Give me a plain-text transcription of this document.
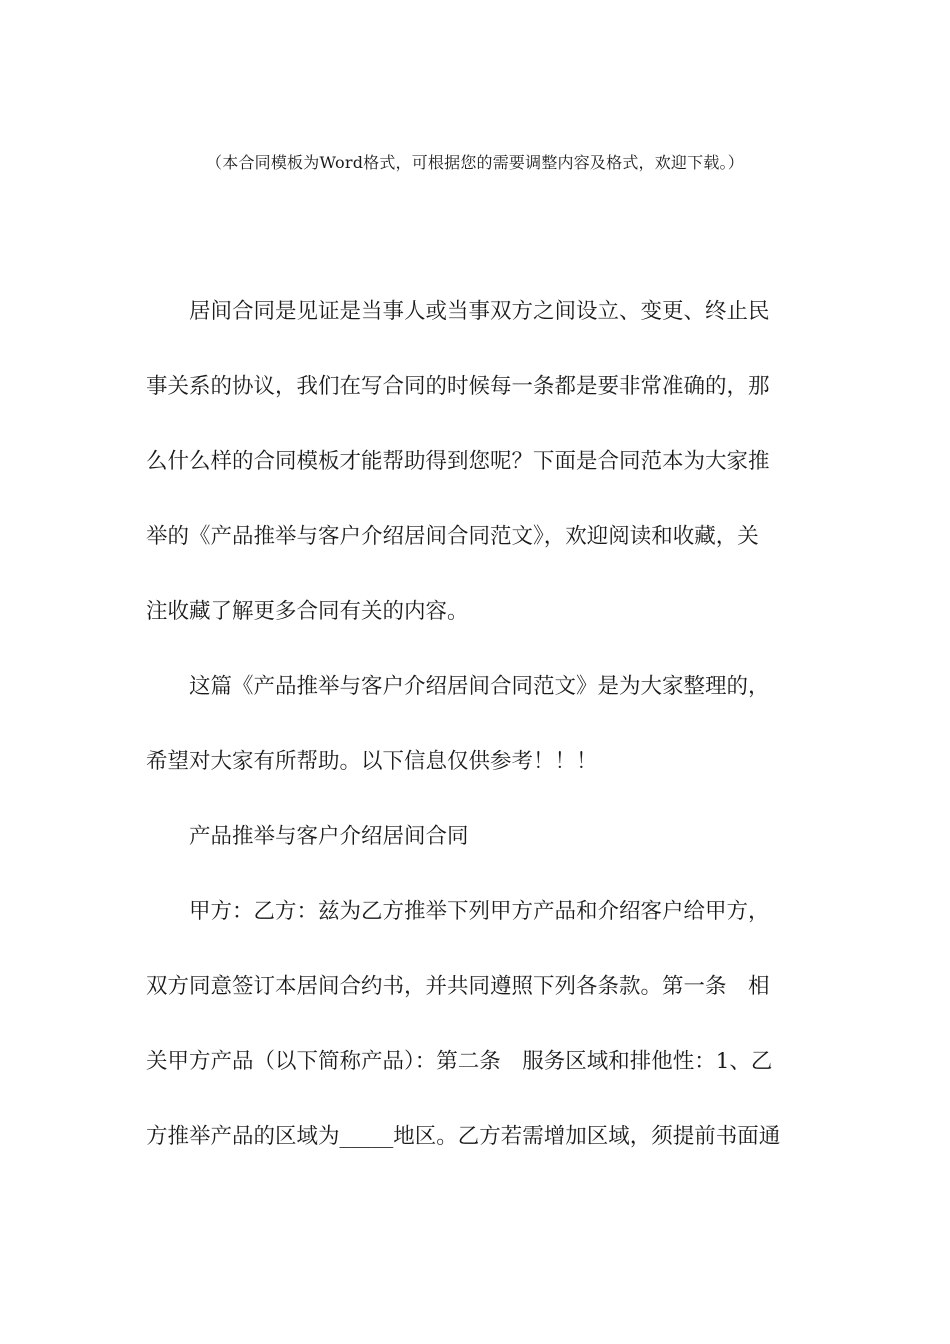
（本合同模板为Word格式，可根据您的需要调整内容及格式，欢迎下载。）
居间合同是见证是当事人或当事双方之间设立、变更、终止民
事关系的协议，我们在写合同的时候每一条都是要非常准确的，那
么什么样的合同模板才能帮助得到您呢？下面是合同范本为大家推
举的《产品推举与客户介绍居间合同范文》，欢迎阅读和收藏，关
注收藏了解更多合同有关的内容。
这篇《产品推举与客户介绍居间合同范文》是为大家整理的，
希望对大家有所帮助。以下信息仅供参考！！！
产品推举与客户介绍居间合同
甲方：乙方：兹为乙方推举下列甲方产品和介绍客户给甲方，
双方同意签订本居间合约书，并共同遵照下列各条款。第一条　相
关甲方产品（以下简称产品）：第二条　服务区域和排他性：1、乙
方推举产品的区域为_____地区。乙方若需增加区域，须提前书面通
